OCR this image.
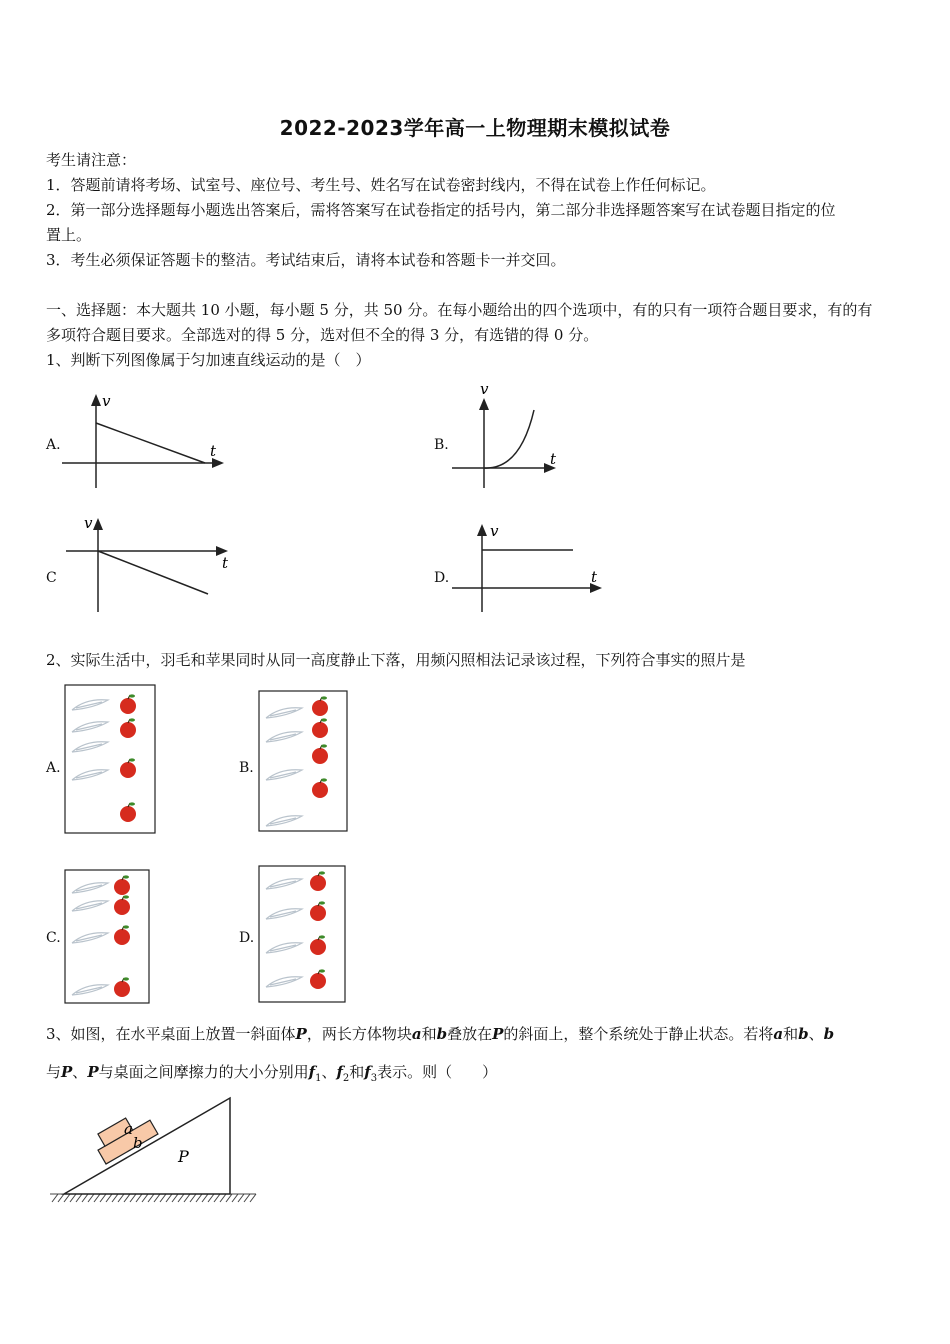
2022-2023学年高一上物理期末模拟试卷
考生请注意：
1．答题前请将考场、试室号、座位号、考生号、姓名写在试卷密封线内，不得在试卷上作任何标记。
2．第一部分选择题每小题选出答案后，需将答案写在试卷指定的括号内，第二部分非选择题答案写在试卷题目指定的位
置上。
3．考生必须保证答题卡的整洁。考试结束后，请将本试卷和答题卡一并交回。
一、选择题：本大题共 10 小题，每小题 5 分，共 50 分。在每小题给出的四个选项中，有的只有一项符合题目要求，有的有
多项符合题目要求。全部选对的得 5 分，选对但不全的得 3 分，有选错的得 0 分。
1、判断下列图像属于匀加速直线运动的是（　）
A.	B.
C	D.
v
t
v
t
v
t
v
t
2、实际生活中，羽毛和苹果同时从同一高度静止下落，用频闪照相法记录该过程，下列符合事实的照片是
A.	B.
C.	D.
3、如图，在水平桌面上放置一斜面体P，两长方体物块a和b叠放在P的斜面上，整个系统处于静止状态。若将a和b、b
与P、P与桌面之间摩擦力的大小分别用$f_1$、$f_2$和$f_3$表示。则（　　）
a
b
P
